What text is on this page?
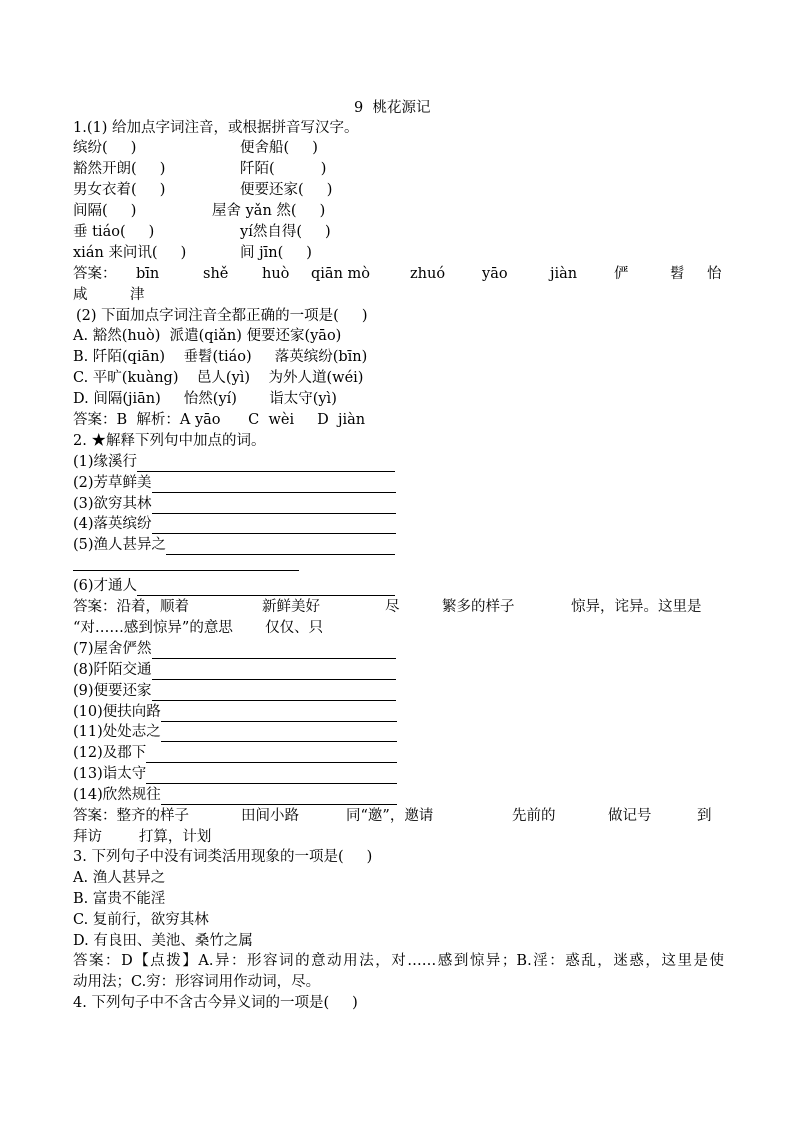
9  桃花源记
1.(1) 给加点字词注音，或根据拼音写汉字。
缤纷(     )	便舍船(     )
豁然开朗(     )	阡陌(          )
男女衣着(     )	便要还家(     )
间隔(     )	屋舍 yǎn 然(     )
垂 tiáo(     )	yí然自得(     )
xián 来问讯(     )	间 jīn(     )
答案： bīn	shě huò qiān mò	zhuó	yāo	jiàn	俨	髫 怡
咸	津
(2) 下面加点字词注音全都正确的一项是(     )
A. 豁然(huò)  派遣(qiǎn) 便要还家(yāo)
B. 阡陌(qiān)    垂髫(tiáo)     落英缤纷(bīn)
C. 平旷(kuàng)    邑人(yì)    为外人道(wéi)
D. 间隔(jiān)     怡然(yí)       诣太守(yì)
答案：B  解析：A yāo      C  wèi     D  jiàn
2. ★解释下列句中加点的词。
(1)缘溪行
(2)芳草鲜美
(3)欲穷其林
(4)落英缤纷
(5)渔人甚异之
(6)才通人
答案：沿着，顺着	新鲜美好	尽	繁多的样子	惊异，诧异。这里是
“对……感到惊异”的意思       仅仅、只
(7)屋舍俨然
(8)阡陌交通
(9)便要还家
(10)便扶向路
(11)处处志之
(12)及郡下
(13)诣太守
(14)欣然规往
答案：整齐的样子	田间小路	同“邀”，邀请	先前的	做记号	到
拜访        打算，计划
3. 下列句子中没有词类活用现象的一项是(     )
A. 渔人甚异之
B. 富贵不能淫
C. 复前行，欲穷其林
D. 有良田、美池、桑竹之属
答案：D【点拨】A.异：形容词的意动用法，对……感到惊异；B.淫：惑乱，迷惑，这里是使
动用法；C.穷：形容词用作动词，尽。
4. 下列句子中不含古今异义词的一项是(     )
